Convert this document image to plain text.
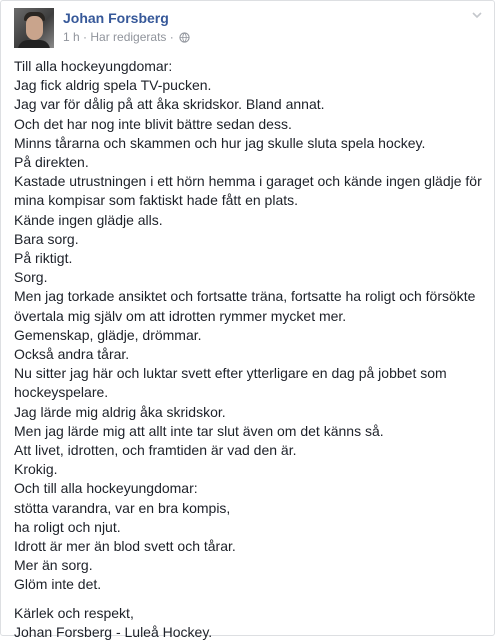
Johan Forsberg
1 h · Har redigerats ·

Till alla hockeyungdomar:

Jag fick aldrig spela TV-pucken.

Jag var för dålig på att åka skridskor. Bland annat.

Och det har nog inte blivit bättre sedan dess.

Minns tårarna och skammen och hur jag skulle sluta spela hockey.

På direkten.

Kastade utrustningen i ett hörn hemma i garaget och kände ingen glädje för

mina kompisar som faktiskt hade fått en plats.

Kände ingen glädje alls.

Bara sorg.

På riktigt.

Sorg.

Men jag torkade ansiktet och fortsatte träna, fortsatte ha roligt och försökte

övertala mig själv om att idrotten rymmer mycket mer.

Gemenskap, glädje, drömmar.

Också andra tårar.

Nu sitter jag här och luktar svett efter ytterligare en dag på jobbet som

hockeyspelare.

Jag lärde mig aldrig åka skridskor.

Men jag lärde mig att allt inte tar slut även om det känns så.

Att livet, idrotten, och framtiden är vad den är.

Krokig.

Och till alla hockeyungdomar:

stötta varandra, var en bra kompis,

ha roligt och njut.

Idrott är mer än blod svett och tårar.

Mer än sorg.

Glöm inte det.

Kärlek och respekt,

Johan Forsberg - Luleå Hockey.
